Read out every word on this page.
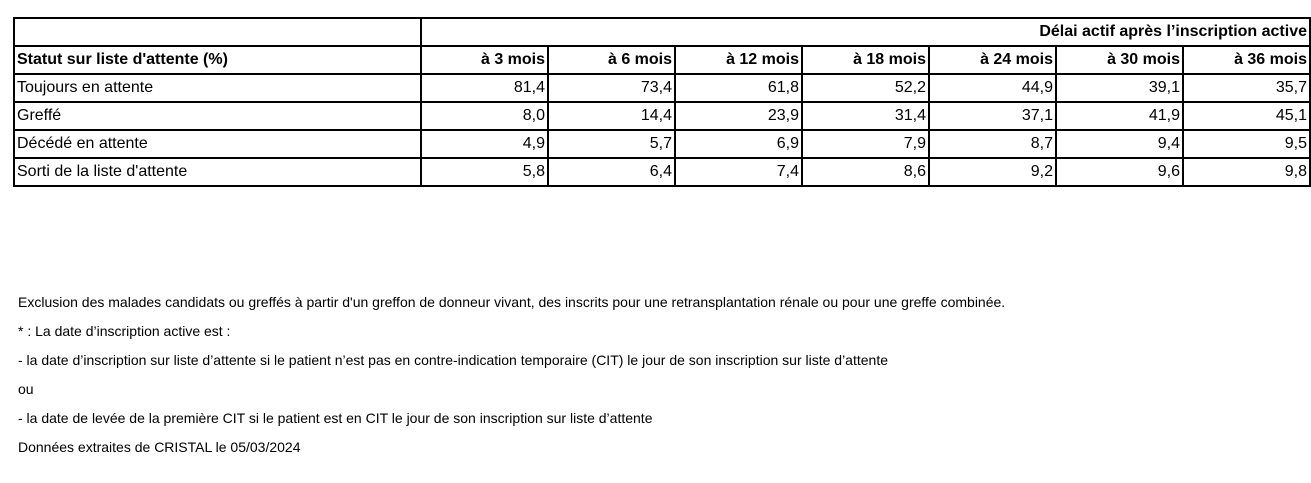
	Délai actif après l’inscription active						
Statut sur liste d'attente (%)	à 3 mois	à 6 mois	à 12 mois	à 18 mois	à 24 mois	à 30 mois	à 36 mois
Toujours en attente	81,4	73,4	61,8	52,2	44,9	39,1	35,7
Greffé	8,0	14,4	23,9	31,4	37,1	41,9	45,1
Décédé en attente	4,9	5,7	6,9	7,9	8,7	9,4	9,5
Sorti de la liste d'attente	5,8	6,4	7,4	8,6	9,2	9,6	9,8
Exclusion des malades candidats ou greffés à partir d'un greffon de donneur vivant, des inscrits pour une retransplantation rénale ou pour une greffe combinée.
* : La date d’inscription active est :
- la date d’inscription sur liste d’attente si le patient n’est pas en contre-indication temporaire (CIT) le jour de son inscription sur liste d’attente
ou
- la date de levée de la première CIT si le patient est en CIT le jour de son inscription sur liste d’attente
Données extraites de CRISTAL le 05/03/2024
